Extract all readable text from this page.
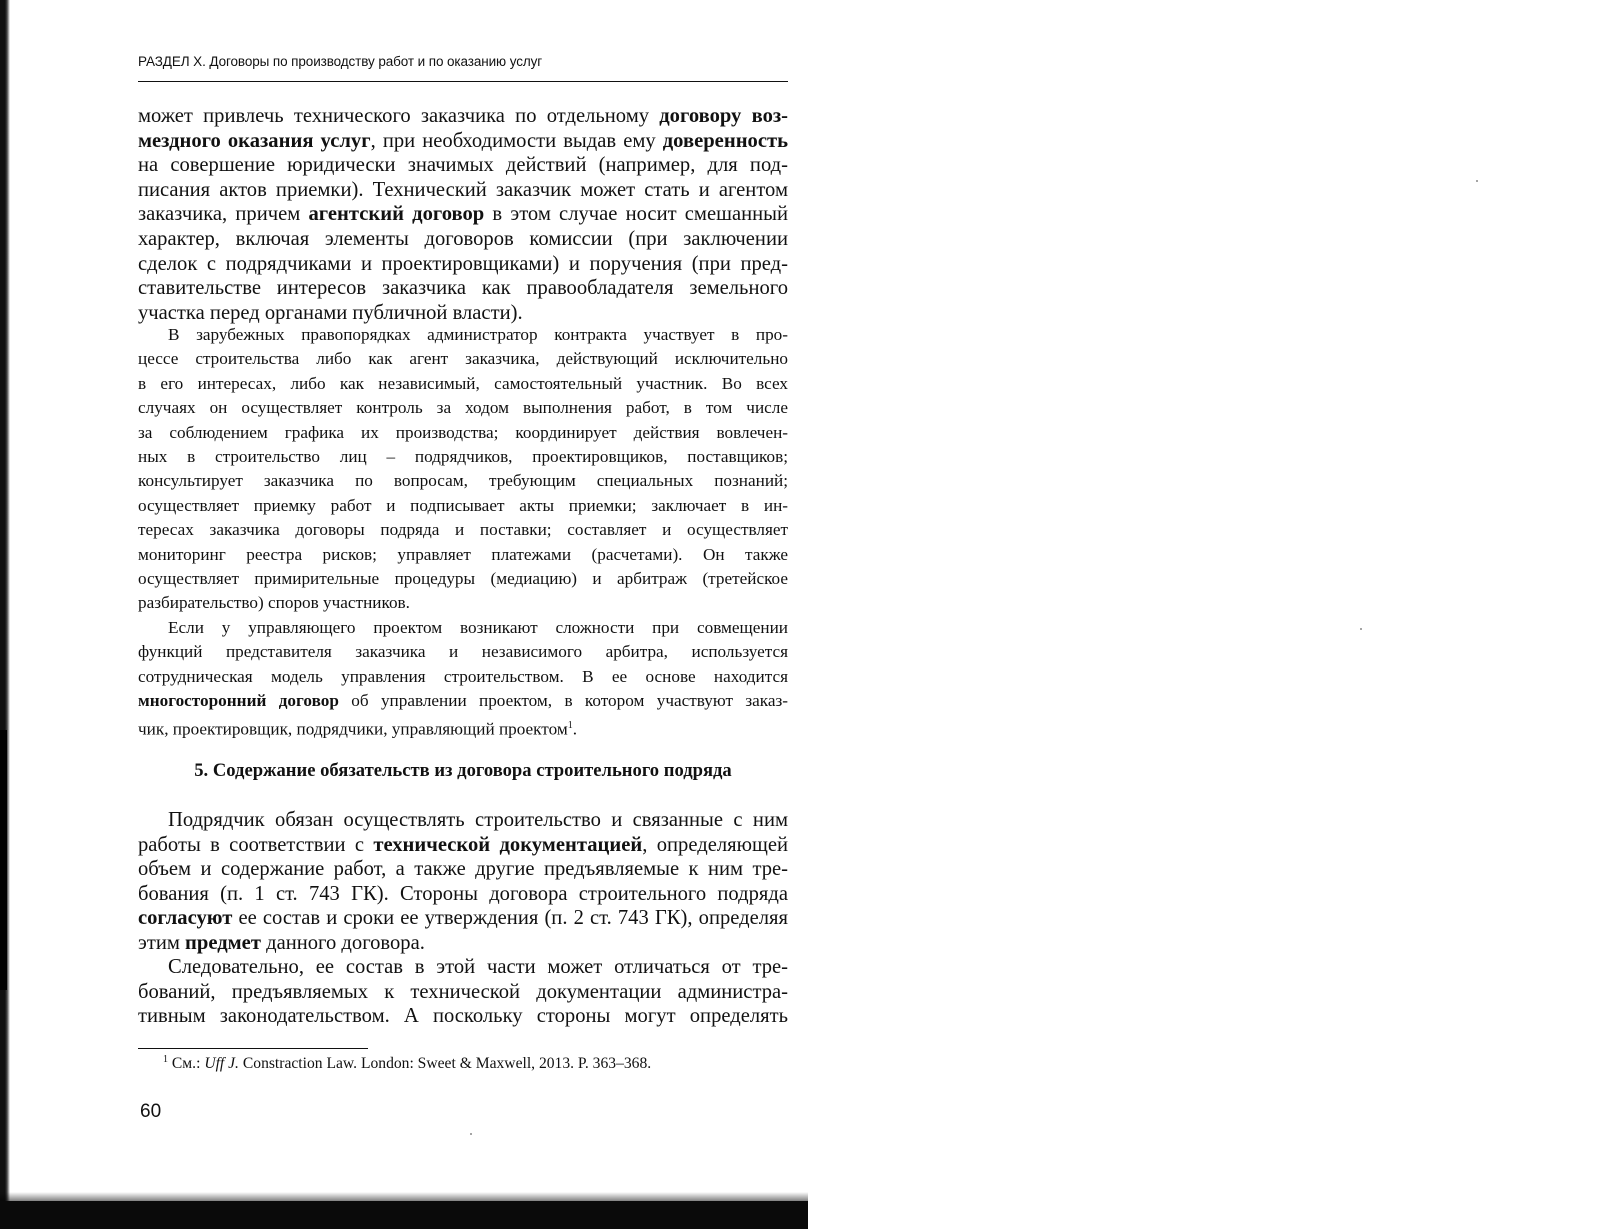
РАЗДЕЛ X. Договоры по производству работ и по оказанию услуг
может привлечь технического заказчика по отдельному договору воз-
мездного оказания услуг, при необходимости выдав ему доверенность
на совершение юридически значимых действий (например, для под-
писания актов приемки). Технический заказчик может стать и агентом
заказчика, причем агентский договор в этом случае носит смешанный
характер, включая элементы договоров комиссии (при заключении
сделок с подрядчиками и проектировщиками) и поручения (при пред-
ставительстве интересов заказчика как правообладателя земельного
участка перед органами публичной власти).
В зарубежных правопорядках администратор контракта участвует в про-
цессе строительства либо как агент заказчика, действующий исключительно
в его интересах, либо как независимый, самостоятельный участник. Во всех
случаях он осуществляет контроль за ходом выполнения работ, в том числе
за соблюдением графика их производства; координирует действия вовлечен-
ных в строительство лиц – подрядчиков, проектировщиков, поставщиков;
консультирует заказчика по вопросам, требующим специальных познаний;
осуществляет приемку работ и подписывает акты приемки; заключает в ин-
тересах заказчика договоры подряда и поставки; составляет и осуществляет
мониторинг реестра рисков; управляет платежами (расчетами). Он также
осуществляет примирительные процедуры (медиацию) и арбитраж (третейское
разбирательство) споров участников.
Если у управляющего проектом возникают сложности при совмещении
функций представителя заказчика и независимого арбитра, используется
сотрудническая модель управления строительством. В ее основе находится
многосторонний договор об управлении проектом, в котором участвуют заказ-
чик, проектировщик, подрядчики, управляющий проектом$^1$.
5. Содержание обязательств из договора строительного подряда
Подрядчик обязан осуществлять строительство и связанные с ним
работы в соответствии с технической документацией, определяющей
объем и содержание работ, а также другие предъявляемые к ним тре-
бования (п. 1 ст. 743 ГК). Стороны договора строительного подряда
согласуют ее состав и сроки ее утверждения (п. 2 ст. 743 ГК), определяя
этим предмет данного договора.
Следовательно, ее состав в этой части может отличаться от тре-
бований, предъявляемых к технической документации администра-
тивным законодательством. А поскольку стороны могут определять
$^1$ См.: Uff J. Constraction Law. London: Sweet & Maxwell, 2013. P. 363–368.
60
